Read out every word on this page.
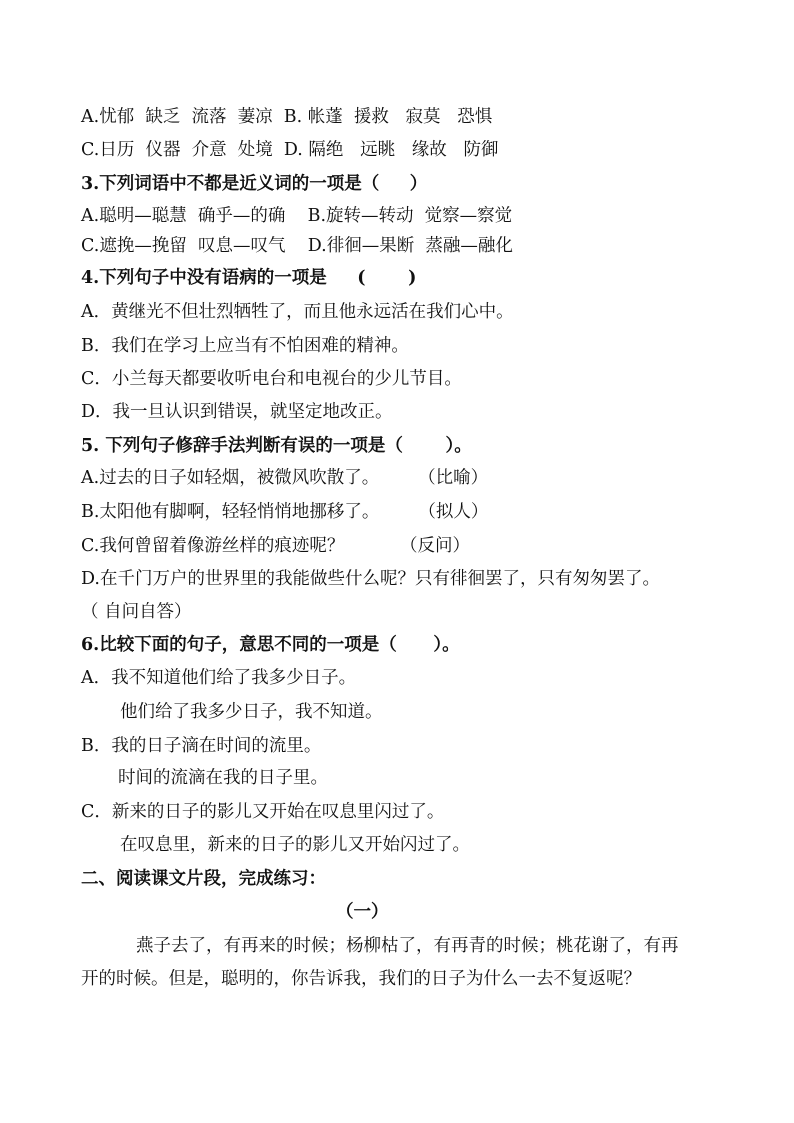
A.忧郁  缺乏  流落  萋凉  B. 帐蓬  援救   寂莫   恐惧
C.日历  仪器  介意  处境  D. 隔绝   远眺   缘故   防御
3.下列词语中不都是近义词的一项是（     ）
A.聪明—聪慧  确乎—的确    B.旋转—转动  觉察—察觉
C.遮挽—挽留  叹息—叹气    D.徘徊—果断  蒸融—融化
4.下列句子中没有语病的一项是     (       )
A．黄继光不但壮烈牺牲了，而且他永远活在我们心中。
B．我们在学习上应当有不怕困难的精神。
C．小兰每天都要收听电台和电视台的少儿节目。
D．我一旦认识到错误，就坚定地改正。
5. 下列句子修辞手法判断有误的一项是（       ）。
A.过去的日子如轻烟，被微风吹散了。       （比喻）
B.太阳他有脚啊，轻轻悄悄地挪移了。       （拟人）
C.我何曾留着像游丝样的痕迹呢？          （反问）
D.在千门万户的世界里的我能做些什么呢？只有徘徊罢了，只有匆匆罢了。
（ 自问自答）
6.比较下面的句子，意思不同的一项是（      ）。
A．我不知道他们给了我多少日子。
他们给了我多少日子，我不知道。
B．我的日子滴在时间的流里。
时间的流滴在我的日子里。
C．新来的日子的影儿又开始在叹息里闪过了。
在叹息里，新来的日子的影儿又开始闪过了。
二、阅读课文片段，完成练习：
（一）
燕子去了，有再来的时候；杨柳枯了，有再青的时候；桃花谢了，有再
开的时候。但是，聪明的，你告诉我，我们的日子为什么一去不复返呢？
